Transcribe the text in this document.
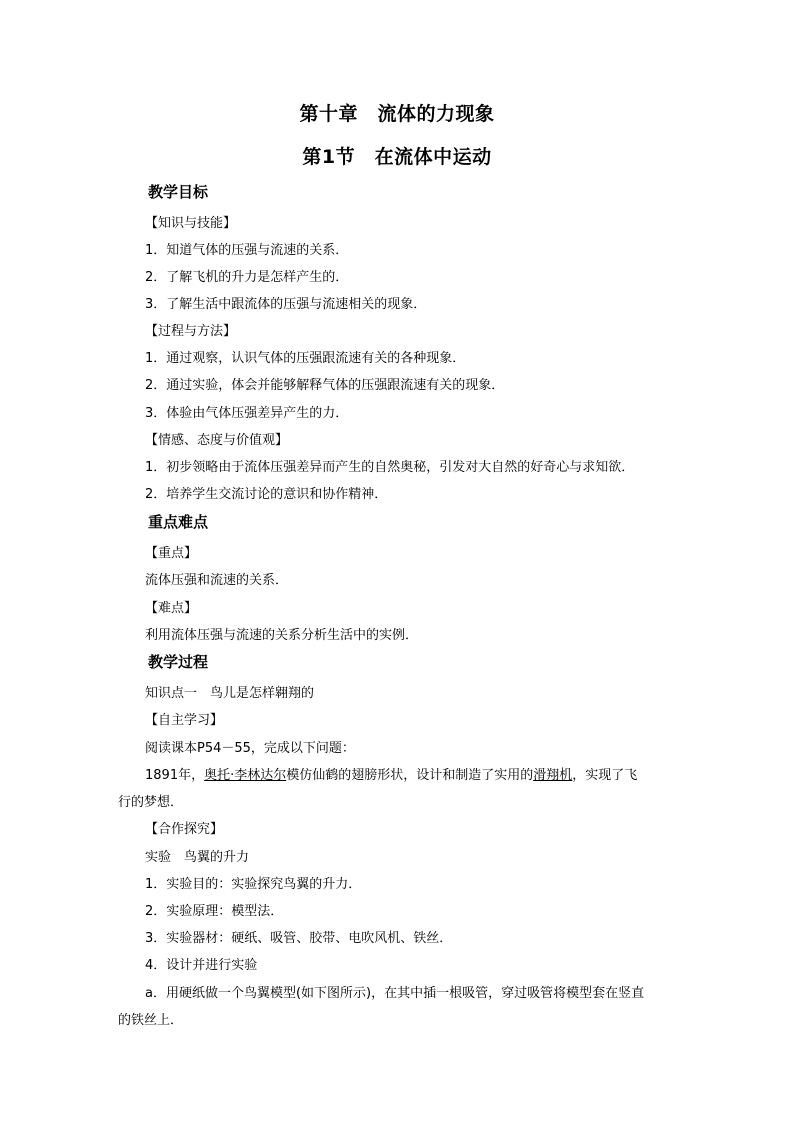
第十章　流体的力现象
第1节　在流体中运动
教学目标
【知识与技能】
1．知道气体的压强与流速的关系．
2．了解飞机的升力是怎样产生的．
3．了解生活中跟流体的压强与流速相关的现象．
【过程与方法】
1．通过观察，认识气体的压强跟流速有关的各种现象．
2．通过实验，体会并能够解释气体的压强跟流速有关的现象．
3．体验由气体压强差异产生的力．
【情感、态度与价值观】
1．初步领略由于流体压强差异而产生的自然奥秘，引发对大自然的好奇心与求知欲．
2．培养学生交流讨论的意识和协作精神．
重点难点
【重点】
流体压强和流速的关系．
【难点】
利用流体压强与流速的关系分析生活中的实例．
教学过程
知识点一　鸟儿是怎样翱翔的
【自主学习】
阅读课本P54－55，完成以下问题：
1891年，奥托·李林达尔模仿仙鹤的翅膀形状，设计和制造了实用的滑翔机，实现了飞
行的梦想．
【合作探究】
实验　鸟翼的升力
1．实验目的：实验探究鸟翼的升力．
2．实验原理：模型法．
3．实验器材：硬纸、吸管、胶带、电吹风机、铁丝．
4．设计并进行实验
a．用硬纸做一个鸟翼模型(如下图所示)，在其中插一根吸管，穿过吸管将模型套在竖直
的铁丝上．
